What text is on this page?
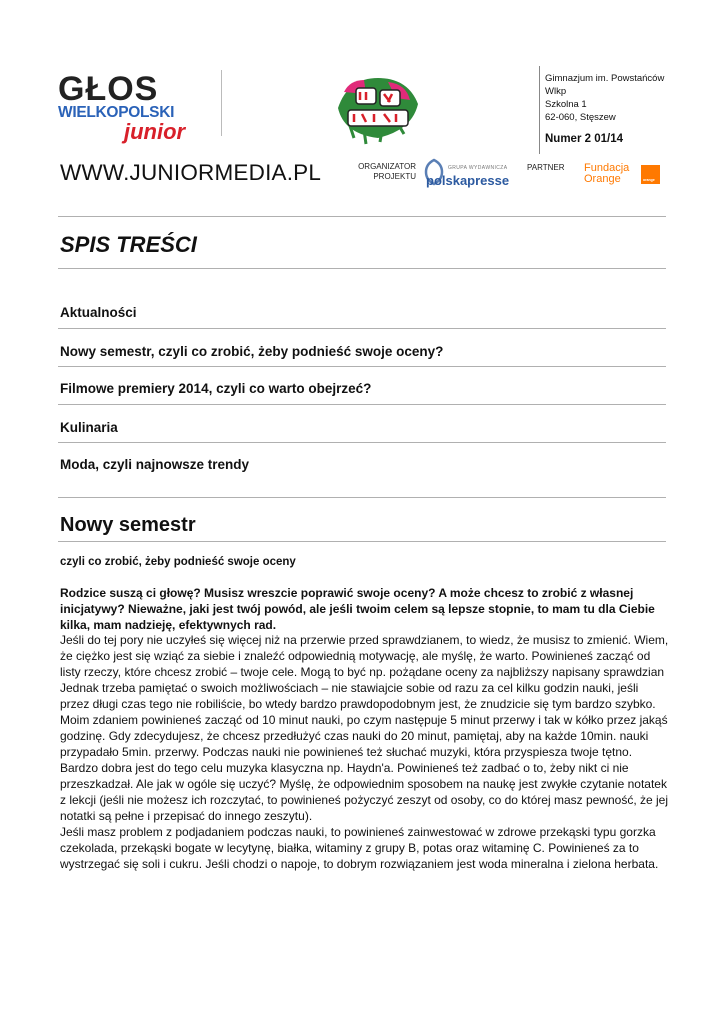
GŁOS
WIELKOPOLSKI
junior
Gimnazjum im. Powstańców
Wlkp
Szkolna 1
62-060, Stęszew
Numer 2 01/14
WWW.JUNIORMEDIA.PL	ORGANIZATOR PROJEKTU
GRUPA WYDAWNICZA
polskapresse
PARTNER Fundacja
Orange	orange
SPIS TREŚCI
Aktualności
Nowy semestr, czyli co zrobić, żeby podnieść swoje oceny?
Filmowe premiery 2014, czyli co warto obejrzeć?
Kulinaria
Moda, czyli najnowsze trendy
Nowy semestr
czyli co zrobić, żeby podnieść swoje oceny
Rodzice suszą ci głowę? Musisz wreszcie poprawić swoje oceny? A może chcesz to zrobić z własnej inicjatywy? Nieważne, jaki jest twój powód, ale jeśli twoim celem są lepsze stopnie, to mam tu dla Ciebie kilka, mam nadzieję, efektywnych rad.

Jeśli do tej pory nie uczyłeś się więcej niż na przerwie przed sprawdzianem, to wiedz, że musisz to zmienić. Wiem, że ciężko jest się wziąć za siebie i znaleźć odpowiednią motywację, ale myślę, że warto. Powinieneś zacząć od listy rzeczy, które chcesz zrobić – twoje cele. Mogą to być np. pożądane oceny za najbliższy napisany sprawdzian Jednak trzeba pamiętać o swoich możliwościach – nie stawiajcie sobie od razu za cel kilku godzin nauki, jeśli przez długi czas tego nie robiliście, bo wtedy bardzo prawdopodobnym jest, że znudzicie się tym bardzo szybko. Moim zdaniem powinieneś zacząć od 10 minut nauki, po czym następuje 5 minut przerwy i tak w kółko przez jakąś godzinę. Gdy zdecydujesz, że chcesz przedłużyć czas nauki do 20 minut, pamiętaj, aby na każde 10min. nauki przypadało 5min. przerwy. Podczas nauki nie powinieneś też słuchać muzyki, która przyspiesza twoje tętno. Bardzo dobra jest do tego celu muzyka klasyczna np. Haydn'a. Powinieneś też zadbać o to, żeby nikt ci nie przeszkadzał. Ale jak w ogóle się uczyć? Myślę, że odpowiednim sposobem na naukę jest zwykłe czytanie notatek z lekcji (jeśli nie możesz ich rozczytać, to powinieneś pożyczyć zeszyt od osoby, co do której masz pewność, że jej notatki są pełne i przepisać do innego zeszytu).

Jeśli masz problem z podjadaniem podczas nauki, to powinieneś zainwestować w zdrowe przekąski typu gorzka czekolada, przekąski bogate w lecytynę, białka, witaminy z grupy B, potas oraz witaminę C. Powinieneś za to wystrzegać się soli i cukru. Jeśli chodzi o napoje, to dobrym rozwiązaniem jest woda mineralna i zielona herbata.
